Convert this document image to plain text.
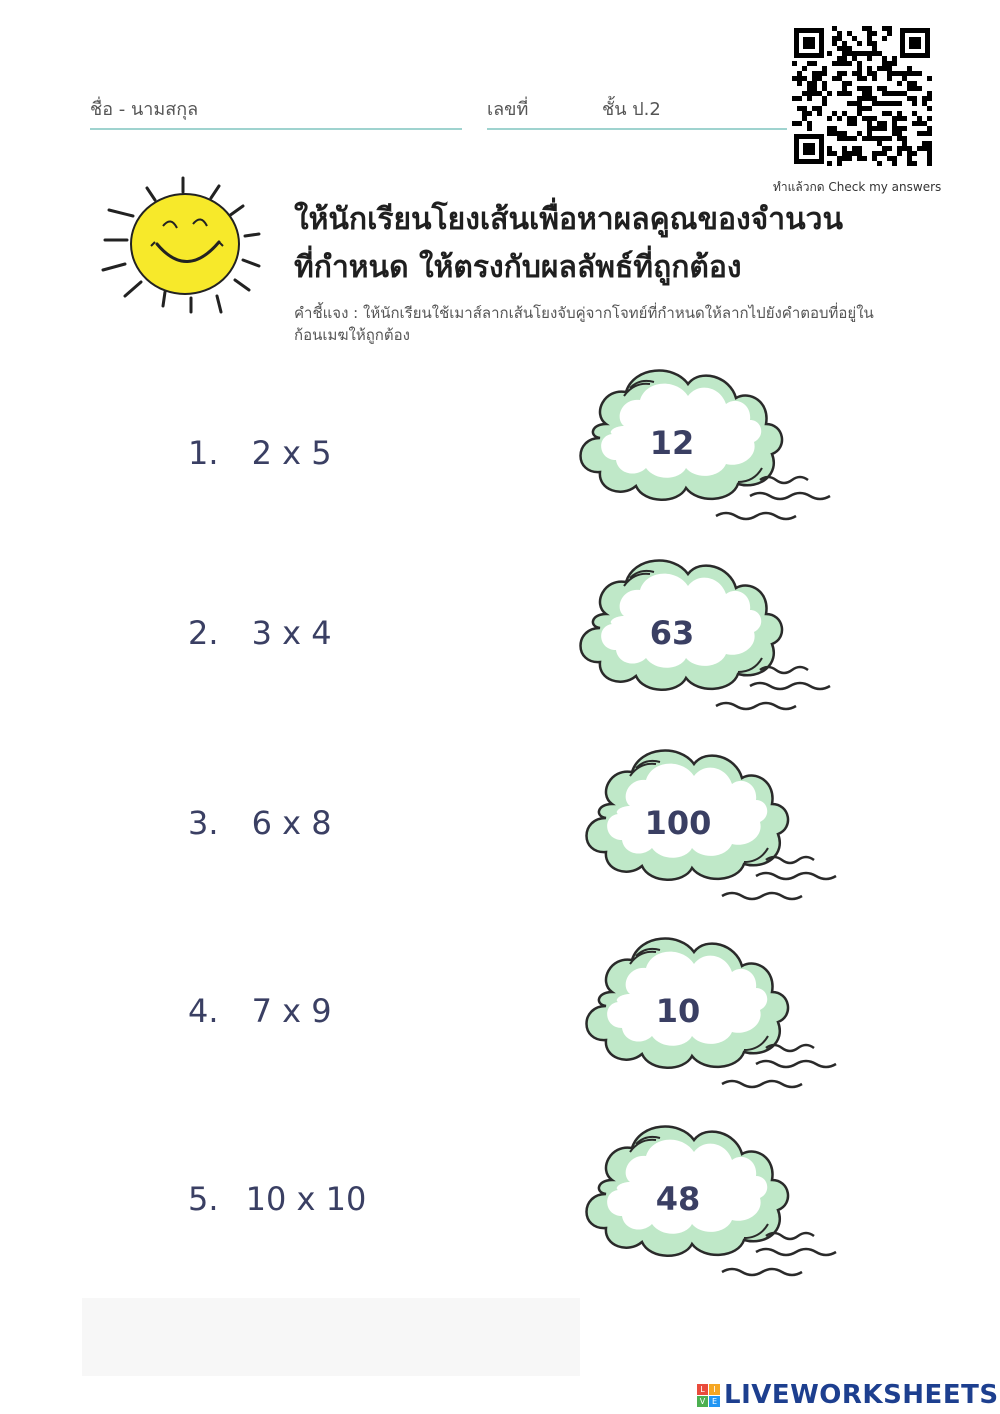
ชื่อ - นามสกุล	เลขที่	ชั้น ป.2
ทำแล้วกด Check my answers
ให้นักเรียนโยงเส้นเพื่อหาผลคูณของจำนวน
ที่กำหนด ให้ตรงกับผลลัพธ์ที่ถูกต้อง
คำชี้แจง : ให้นักเรียนใช้เมาส์ลากเส้นโยงจับคู่จากโจทย์ที่กำหนดให้ลากไปยังคำตอบที่อยู่ใน
ก้อนเมฆให้ถูกต้อง
1. 2 x 5
2. 3 x 4
3. 6 x 8
4. 7 x 9
5. 10 x 10
12
63
100
10
48
L	I
V E LIVEWORKSHEETS
